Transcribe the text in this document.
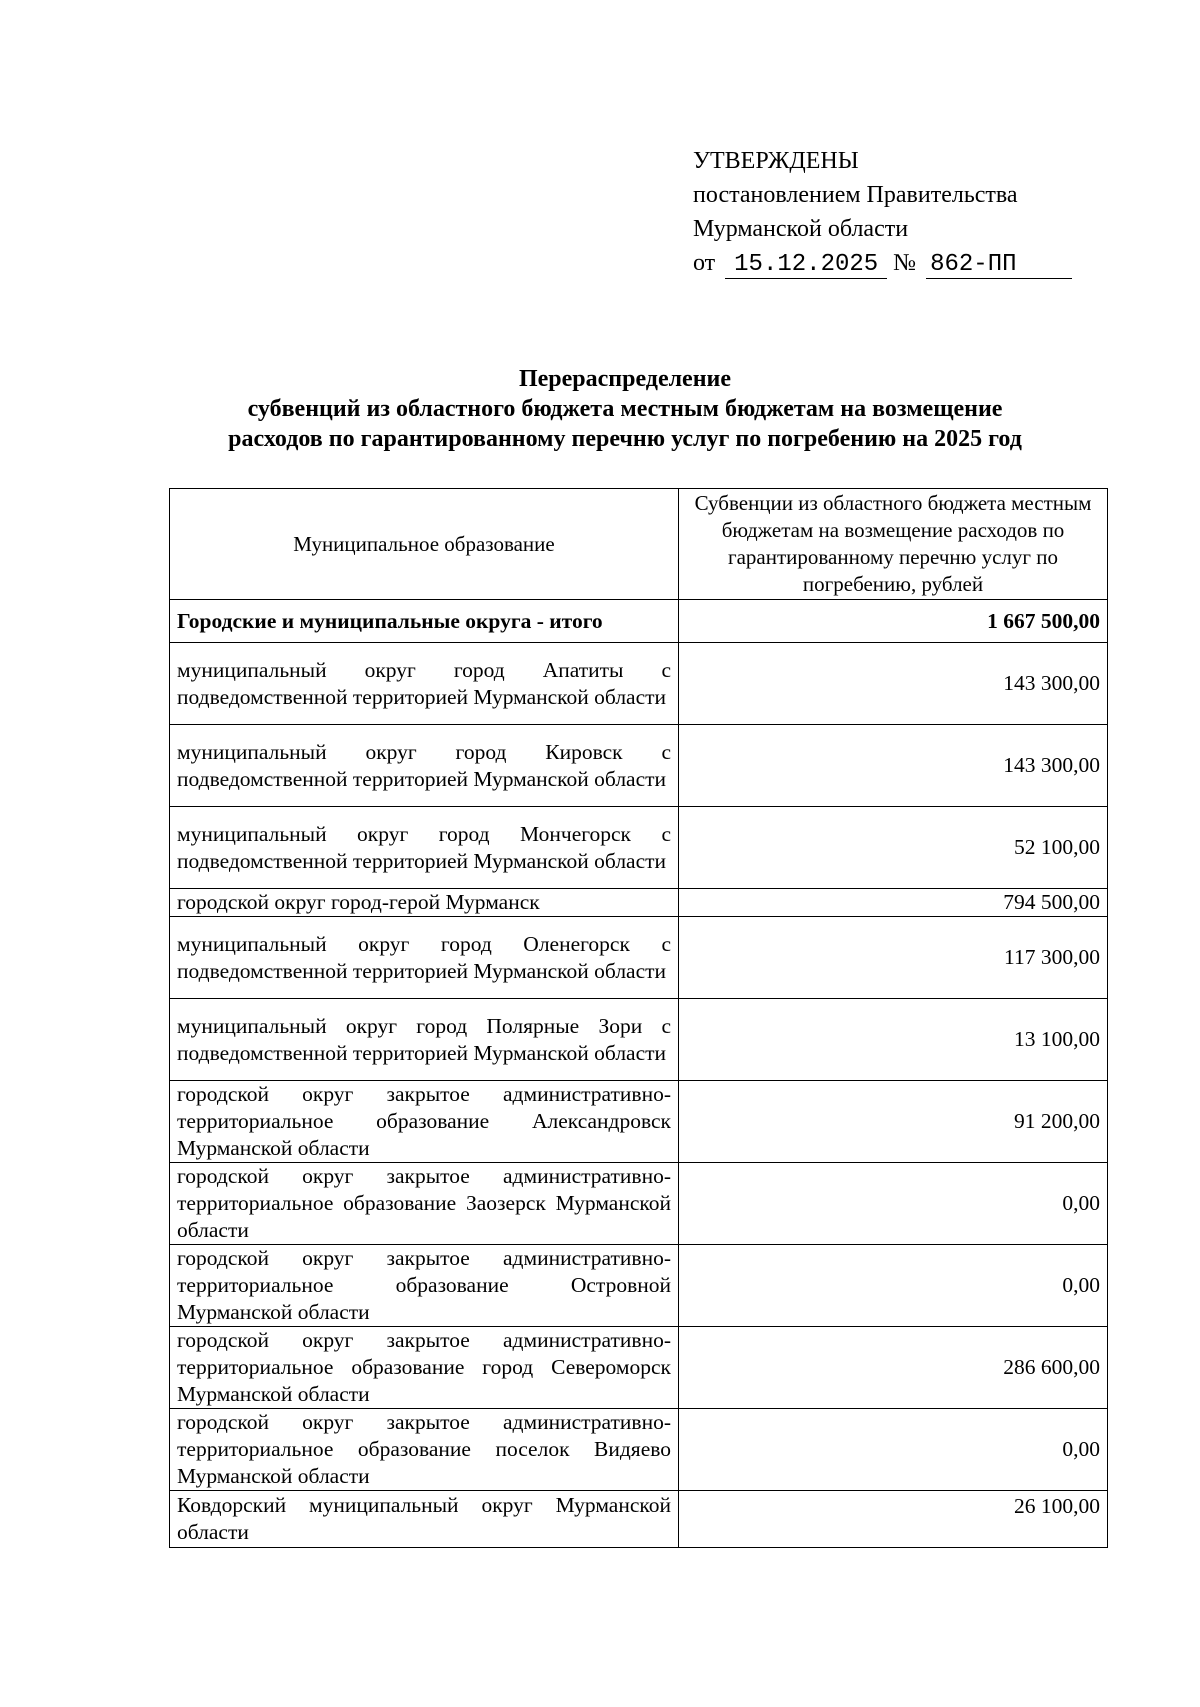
УТВЕРЖДЕНЫ
постановлением Правительства
Мурманской области
от 15.12.2025 № 862-ПП
Перераспределение
субвенций из областного бюджета местным бюджетам на возмещение
расходов по гарантированному перечню услуг по погребению на 2025 год
Муниципальное образование	Субвенции из областного бюджета местным бюджетам на возмещение расходов по гарантированному перечню услуг по погребению, рублей
Городские и муниципальные округа - итого	1 667 500,00
муниципальный округ город Апатиты с подведомственной территорией Мурманской области	143 300,00
муниципальный округ город Кировск с подведомственной территорией Мурманской области	143 300,00
муниципальный округ город Мончегорск с подведомственной территорией Мурманской области	52 100,00
городской округ город-герой Мурманск	794 500,00
муниципальный округ город Оленегорск с подведомственной территорией Мурманской области	117 300,00
муниципальный округ город Полярные Зори с подведомственной территорией Мурманской области	13 100,00
городской округ закрытое административно-территориальное образование Александровск Мурманской области	91 200,00
городской округ закрытое административно-территориальное образование Заозерск Мурманской области	0,00
городской округ закрытое административно-территориальное образование Островной Мурманской области	0,00
городской округ закрытое административно-территориальное образование город Североморск Мурманской области	286 600,00
городской округ закрытое административно-территориальное образование поселок Видяево Мурманской области	0,00
Ковдорский муниципальный округ Мурманской области	26 100,00
